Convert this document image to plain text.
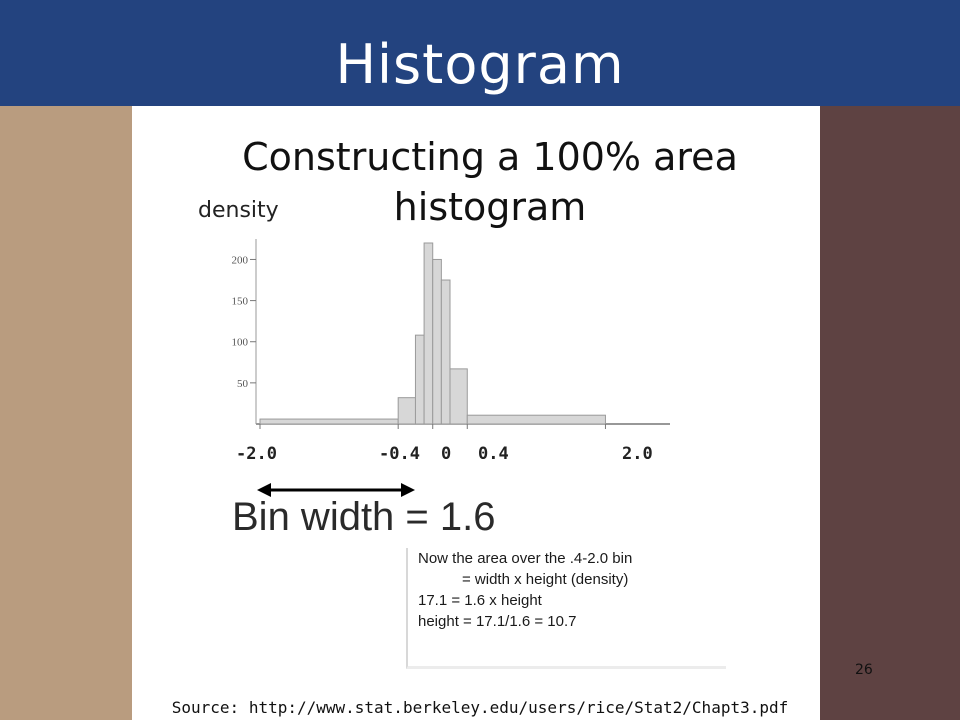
Histogram
Constructing a 100% area histogram
density
50
100
150
200
-2.0	-0.4 0 0.4	2.0
Bin width = 1.6
Now the area over the .4-2.0 bin
= width x height (density)
17.1 = 1.6 x height
height = 17.1/1.6 = 10.7
26
Source: http://www.stat.berkeley.edu/users/rice/Stat2/Chapt3.pdf
